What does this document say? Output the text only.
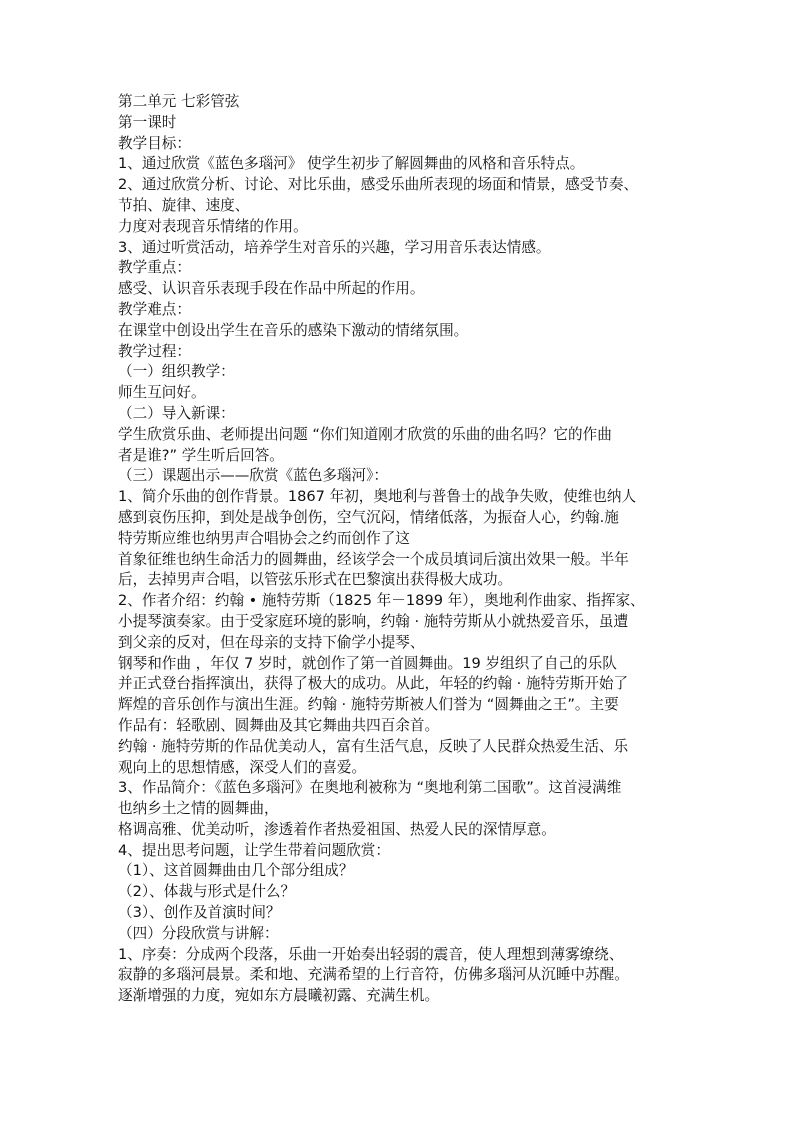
第二单元 七彩管弦
第一课时
教学目标：
1、通过欣赏《蓝色多瑙河》 使学生初步了解圆舞曲的风格和音乐特点。
2、通过欣赏分析、讨论、对比乐曲，感受乐曲所表现的场面和情景，感受节奏、
节拍、旋律、速度、
力度对表现音乐情绪的作用。
3、通过听赏活动，培养学生对音乐的兴趣，学习用音乐表达情感。
教学重点：
感受、认识音乐表现手段在作品中所起的作用。
教学难点：
在课堂中创设出学生在音乐的感染下激动的情绪氛围。
教学过程：
（一）组织教学：
师生互问好。
（二）导入新课：
学生欣赏乐曲、老师提出问题 “你们知道刚才欣赏的乐曲的曲名吗？它的作曲
者是谁?” 学生听后回答。
（三）课题出示——欣赏《蓝色多瑙河》：
1、简介乐曲的创作背景。1867 年初，奥地利与普鲁士的战争失败，使维也纳人
感到哀伤压抑，到处是战争创伤，空气沉闷，情绪低落，为振奋人心，约翰.施
特劳斯应维也纳男声合唱协会之约而创作了这
首象征维也纳生命活力的圆舞曲，经该学会一个成员填词后演出效果一般。半年
后，去掉男声合唱，以管弦乐形式在巴黎演出获得极大成功。
2、作者介绍：约翰 • 施特劳斯（1825 年－1899 年），奥地利作曲家、指挥家、
小提琴演奏家。由于受家庭环境的影响，约翰 · 施特劳斯从小就热爱音乐，虽遭
到父亲的反对，但在母亲的支持下偷学小提琴、
钢琴和作曲 ，年仅 7 岁时，就创作了第一首圆舞曲。19 岁组织了自己的乐队
并正式登台指挥演出，获得了极大的成功。从此，年轻的约翰 · 施特劳斯开始了
辉煌的音乐创作与演出生涯。约翰 · 施特劳斯被人们誉为 “圆舞曲之王”。主要
作品有：轻歌剧、圆舞曲及其它舞曲共四百余首。
约翰 · 施特劳斯的作品优美动人，富有生活气息，反映了人民群众热爱生活、乐
观向上的思想情感，深受人们的喜爱。
3、作品简介：《蓝色多瑙河》在奥地利被称为 “奥地利第二国歌”。这首浸满维
也纳乡土之情的圆舞曲，
格调高雅、优美动听，渗透着作者热爱祖国、热爱人民的深情厚意。
4、提出思考问题，让学生带着问题欣赏：
（1）、这首圆舞曲由几个部分组成？
（2）、体裁与形式是什么？
（3）、创作及首演时间？
（四）分段欣赏与讲解：
1、序奏：分成两个段落，乐曲一开始奏出轻弱的震音，使人理想到薄雾缭绕、
寂静的多瑙河晨景。柔和地、充满希望的上行音符，仿佛多瑙河从沉睡中苏醒。
逐渐增强的力度，宛如东方晨曦初露、充满生机。
